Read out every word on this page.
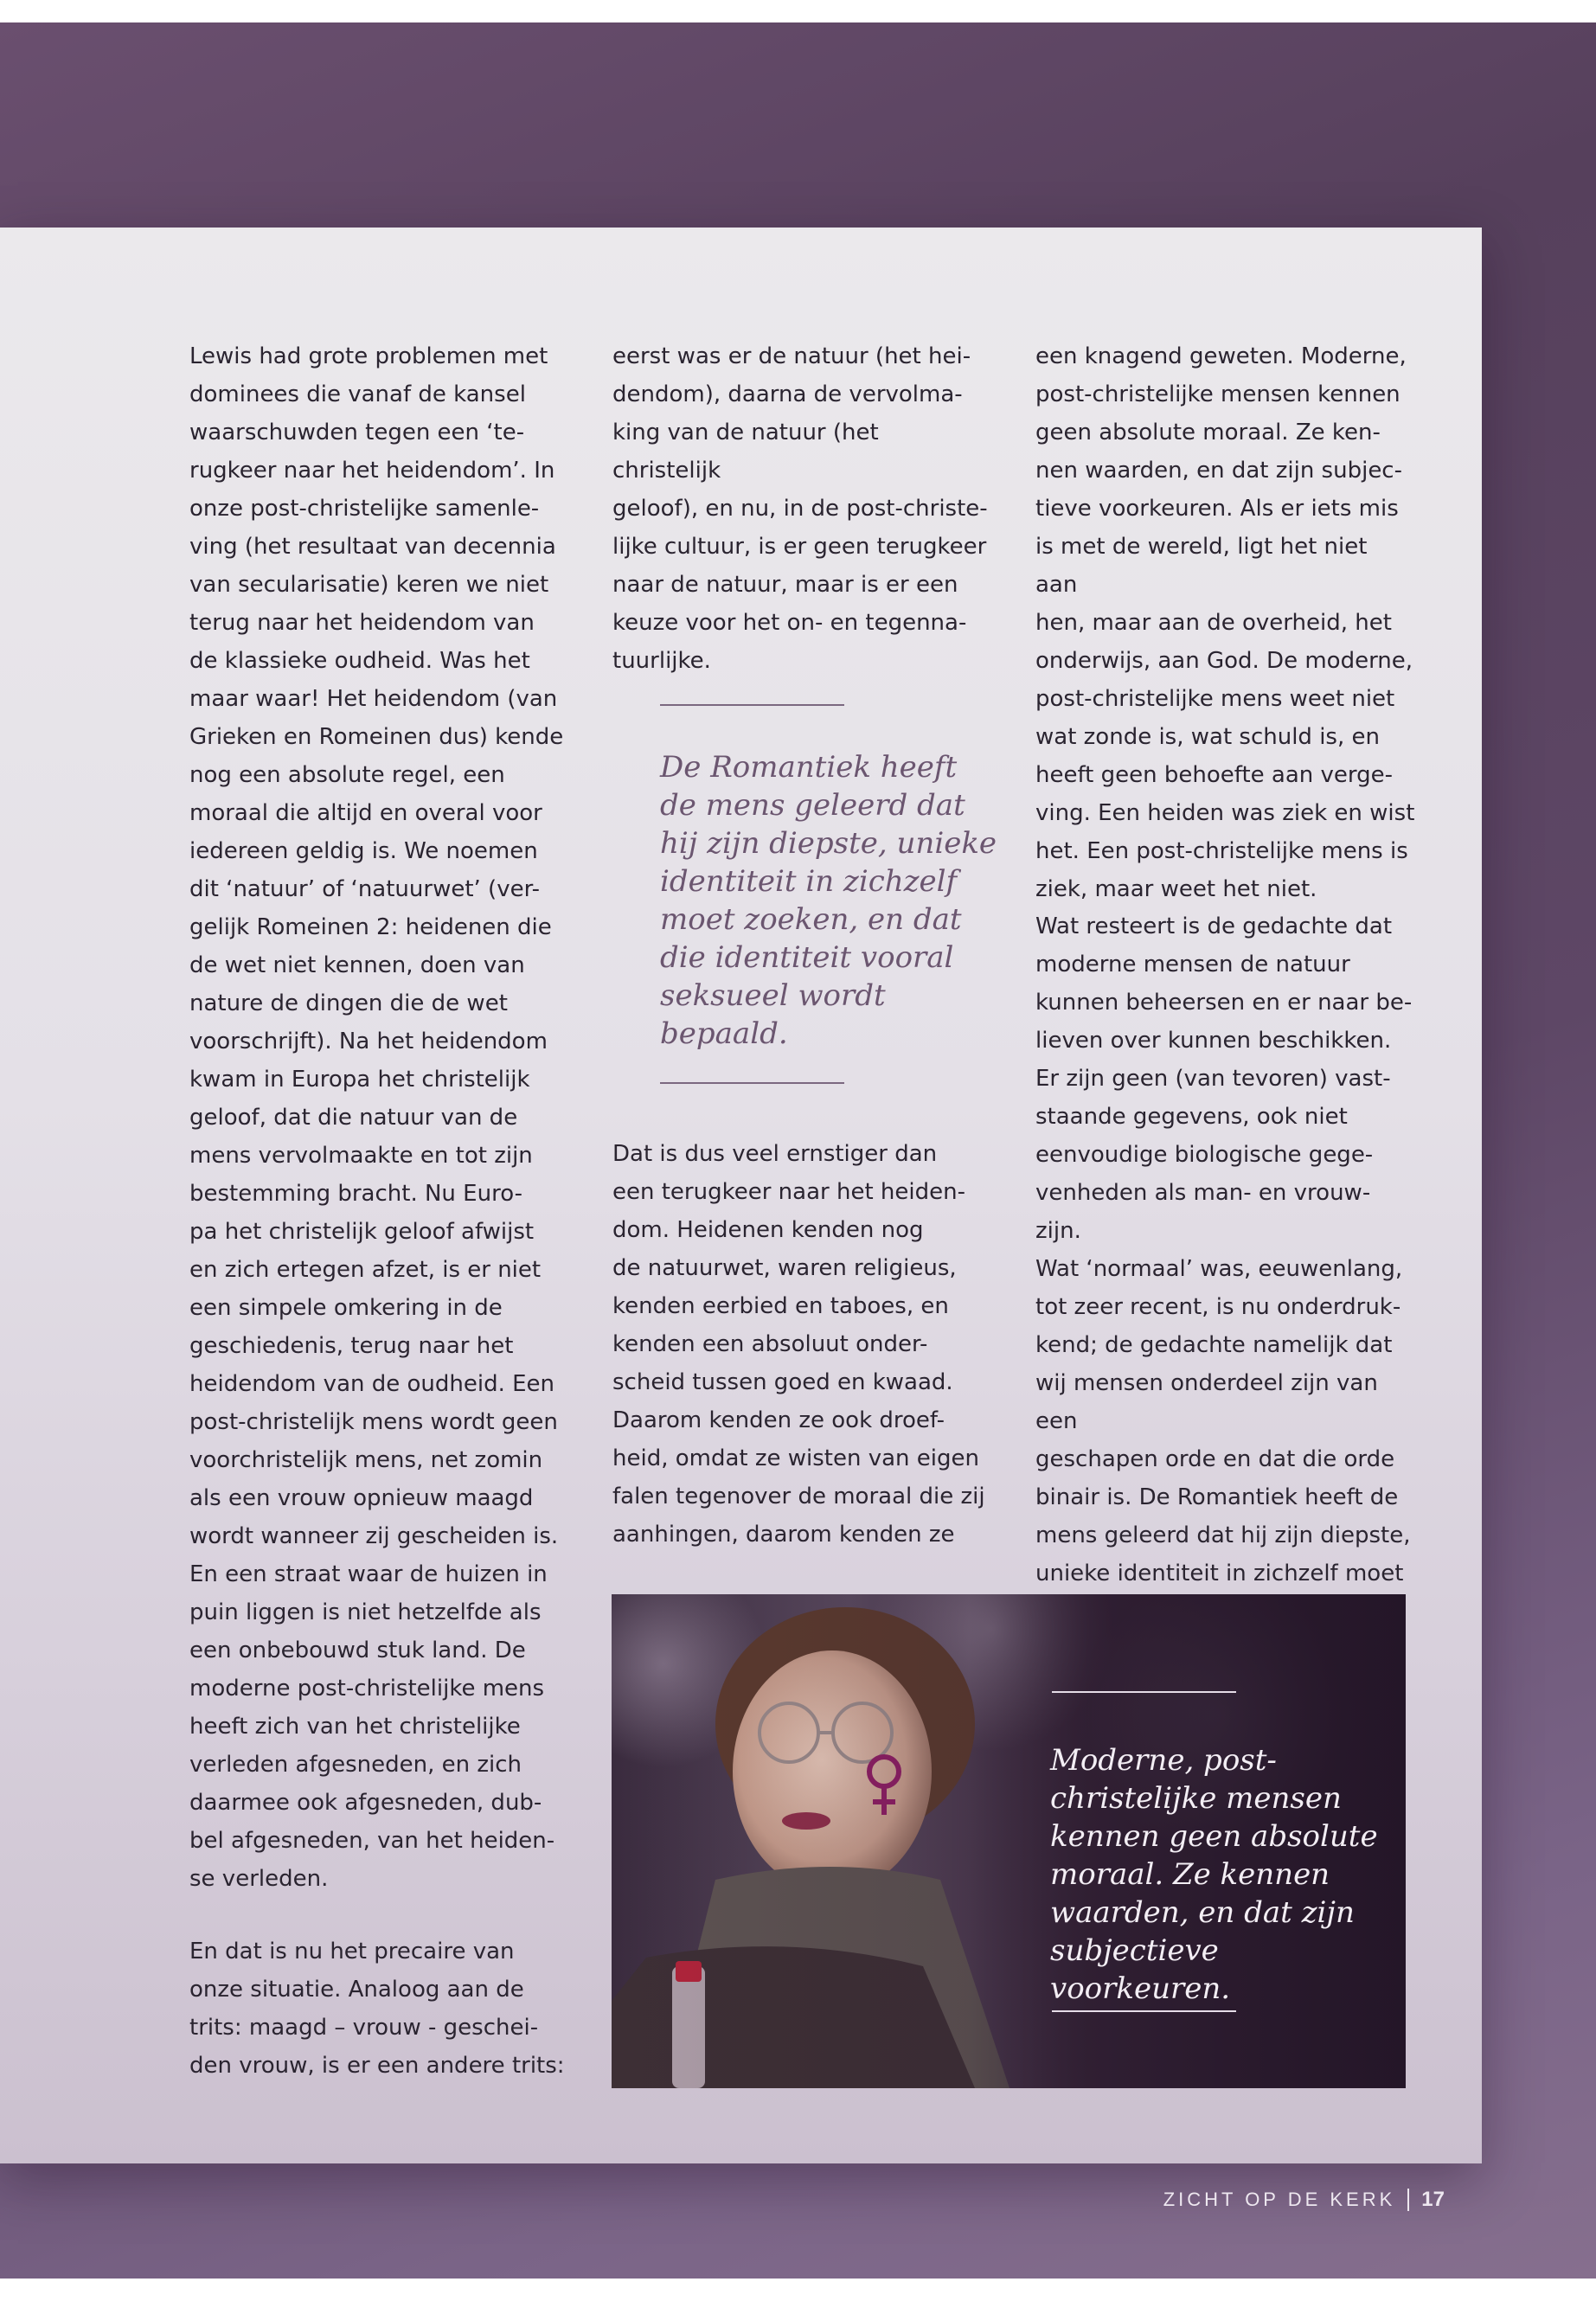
Lewis had grote problemen met
dominees die vanaf de kansel
waarschuwden tegen een ‘te-
rugkeer naar het heidendom’. In
onze post-christelijke samenle-
ving (het resultaat van decennia
van secularisatie) keren we niet
terug naar het heidendom van
de klassieke oudheid. Was het
maar waar! Het heidendom (van
Grieken en Romeinen dus) kende
nog een absolute regel, een
moraal die altijd en overal voor
iedereen geldig is. We noemen
dit ‘natuur’ of ‘natuurwet’ (ver-
gelijk Romeinen 2: heidenen die
de wet niet kennen, doen van
nature de dingen die de wet
voorschrijft). Na het heidendom
kwam in Europa het christelijk
geloof, dat die natuur van de
mens vervolmaakte en tot zijn
bestemming bracht. Nu Euro-
pa het christelijk geloof afwijst
en zich ertegen afzet, is er niet
een simpele omkering in de
geschiedenis, terug naar het
heidendom van de oudheid. Een
post-christelijk mens wordt geen
voorchristelijk mens, net zomin
als een vrouw opnieuw maagd
wordt wanneer zij gescheiden is.
En een straat waar de huizen in
puin liggen is niet hetzelfde als
een onbebouwd stuk land. De
moderne post-christelijke mens
heeft zich van het christelijke
verleden afgesneden, en zich
daarmee ook afgesneden, dub-
bel afgesneden, van het heiden-
se verleden.

En dat is nu het precaire van
onze situatie. Analoog aan de
trits: maagd – vrouw - geschei-
den vrouw, is er een andere trits:

eerst was er de natuur (het hei-
dendom), daarna de vervolma-
king van de natuur (het christelijk
geloof), en nu, in de post-christe-
lijke cultuur, is er geen terugkeer
naar de natuur, maar is er een
keuze voor het on- en tegenna-
tuurlijke.

De Romantiek heeft
de mens geleerd dat
hij zijn diepste, unieke
identiteit in zichzelf
moet zoeken, en dat
die identiteit vooral
seksueel wordt bepaald.

Dat is dus veel ernstiger dan
een terugkeer naar het heiden-
dom. Heidenen kenden nog
de natuurwet, waren religieus,
kenden eerbied en taboes, en
kenden een absoluut onder-
scheid tussen goed en kwaad.
Daarom kenden ze ook droef-
heid, omdat ze wisten van eigen
falen tegenover de moraal die zij
aanhingen, daarom kenden ze

een knagend geweten. Moderne,
post-christelijke mensen kennen
geen absolute moraal. Ze ken-
nen waarden, en dat zijn subjec-
tieve voorkeuren. Als er iets mis
is met de wereld, ligt het niet aan
hen, maar aan de overheid, het
onderwijs, aan God. De moderne,
post-christelijke mens weet niet
wat zonde is, wat schuld is, en
heeft geen behoefte aan verge-
ving. Een heiden was ziek en wist
het. Een post-christelijke mens is
ziek, maar weet het niet.

Wat resteert is de gedachte dat
moderne mensen de natuur
kunnen beheersen en er naar be-
lieven over kunnen beschikken.
Er zijn geen (van tevoren) vast-
staande gegevens, ook niet
eenvoudige biologische gege-
venheden als man- en vrouw-zijn.
Wat ‘normaal’ was, eeuwenlang,
tot zeer recent, is nu onderdruk-
kend; de gedachte namelijk dat
wij mensen onderdeel zijn van een
geschapen orde en dat die orde
binair is. De Romantiek heeft de
mens geleerd dat hij zijn diepste,
unieke identiteit in zichzelf moet

Moderne, post-
christelijke mensen
kennen geen absolute
moraal. Ze kennen
waarden, en dat zijn
subjectieve voorkeuren.

ZICHT OP DE KERK 17
